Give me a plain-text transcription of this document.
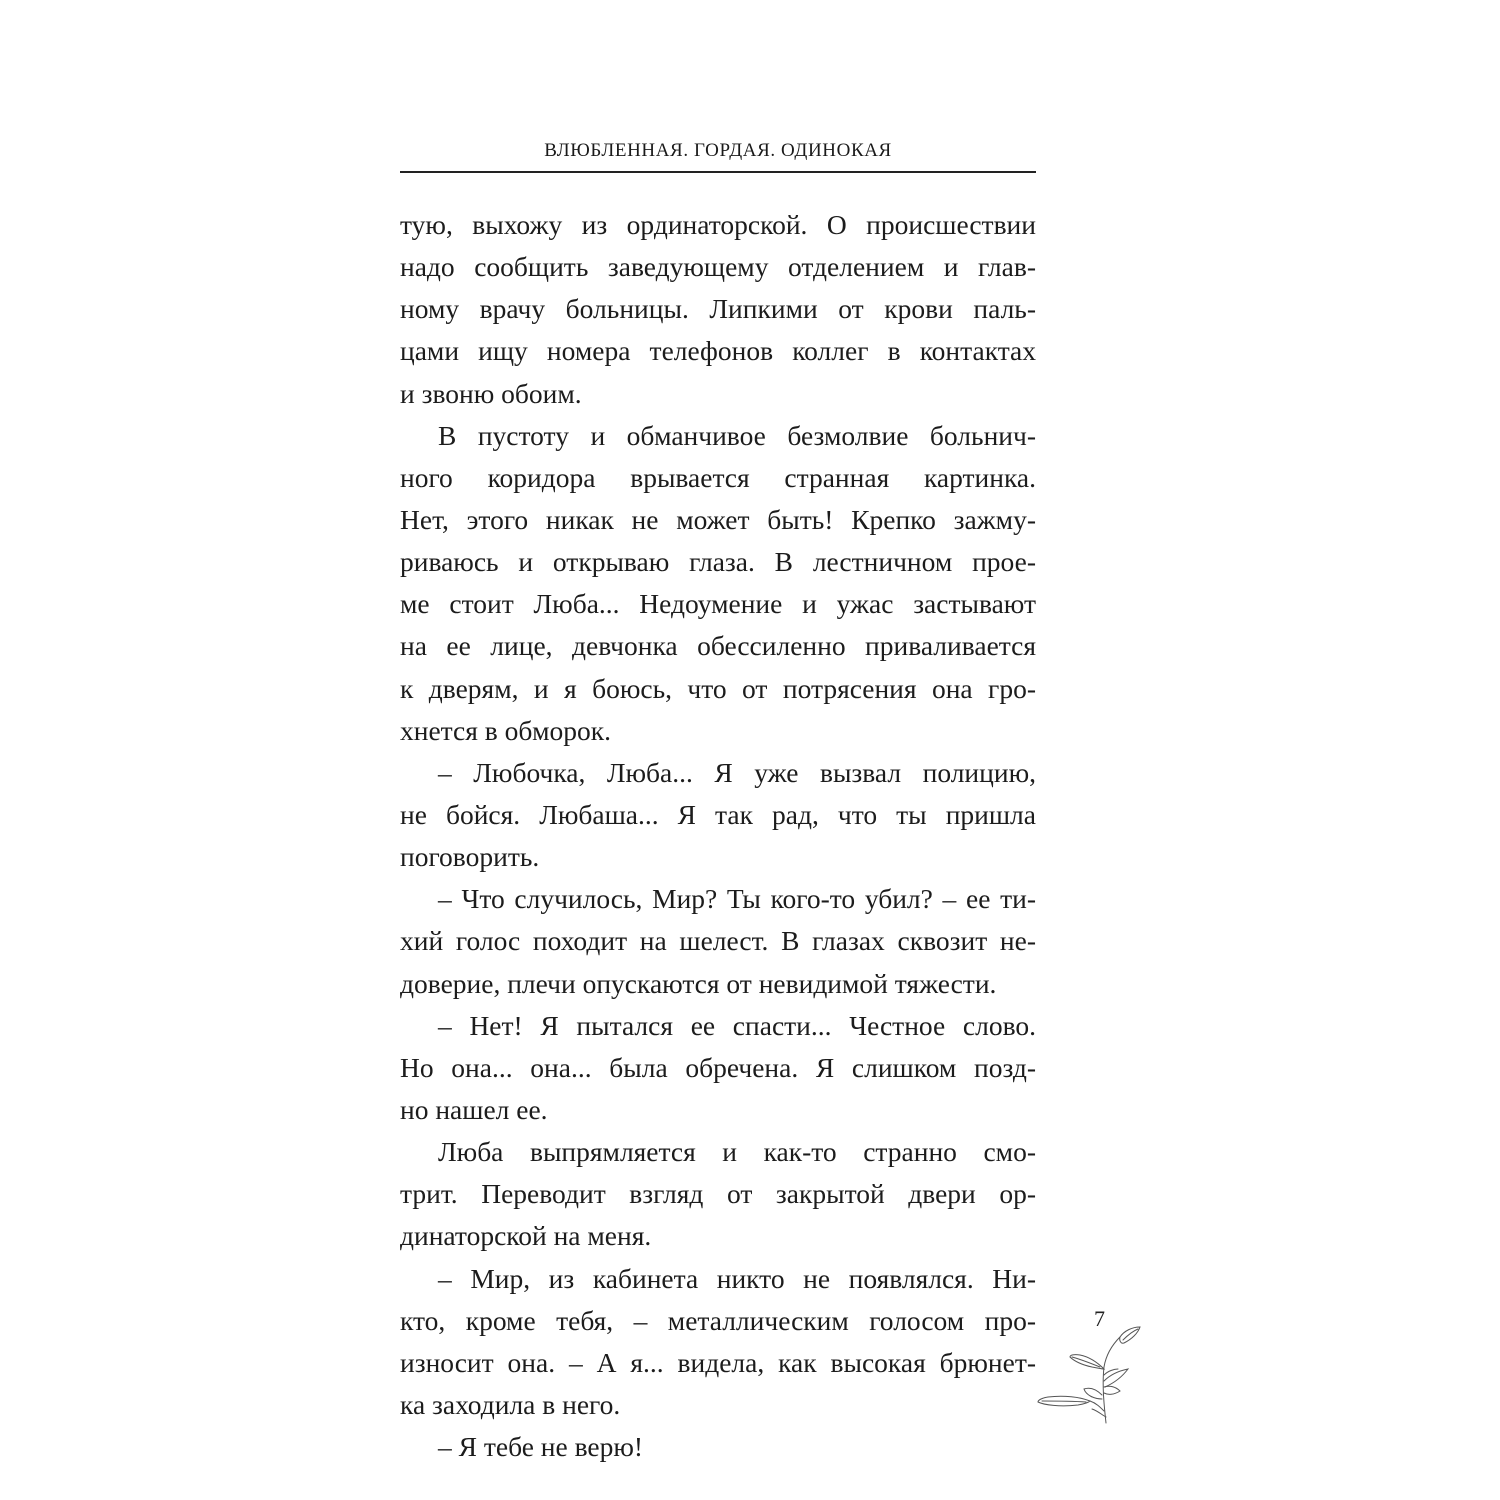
ВЛЮБЛЕННАЯ. ГОРДАЯ. ОДИНОКАЯ
тую, выхожу из ординаторской. О происшествии
надо сообщить заведующему отделением и глав-
ному врачу больницы. Липкими от крови паль-
цами ищу номера телефонов коллег в контактах
и звоню обоим.
В пустоту и обманчивое безмолвие больнич-
ного коридора врывается странная картинка.
Нет, этого никак не может быть! Крепко зажму-
риваюсь и открываю глаза. В лестничном прое-
ме стоит Люба... Недоумение и ужас застывают
на ее лице, девчонка обессиленно приваливается
к дверям, и я боюсь, что от потрясения она гро-
хнется в обморок.
– Любочка, Люба... Я уже вызвал полицию,
не бойся. Любаша... Я так рад, что ты пришла
поговорить.
– Что случилось, Мир? Ты кого-то убил? – ее ти-
хий голос походит на шелест. В глазах сквозит не-
доверие, плечи опускаются от невидимой тяжести.
– Нет! Я пытался ее спасти... Честное слово.
Но она... она... была обречена. Я слишком позд-
но нашел ее.
Люба выпрямляется и как-то странно смо-
трит. Переводит взгляд от закрытой двери ор-
динаторской на меня.
– Мир, из кабинета никто не появлялся. Ни-
кто, кроме тебя, – металлическим голосом про-
износит она. – А я... видела, как высокая брюнет-
ка заходила в него.
– Я тебе не верю!
7
